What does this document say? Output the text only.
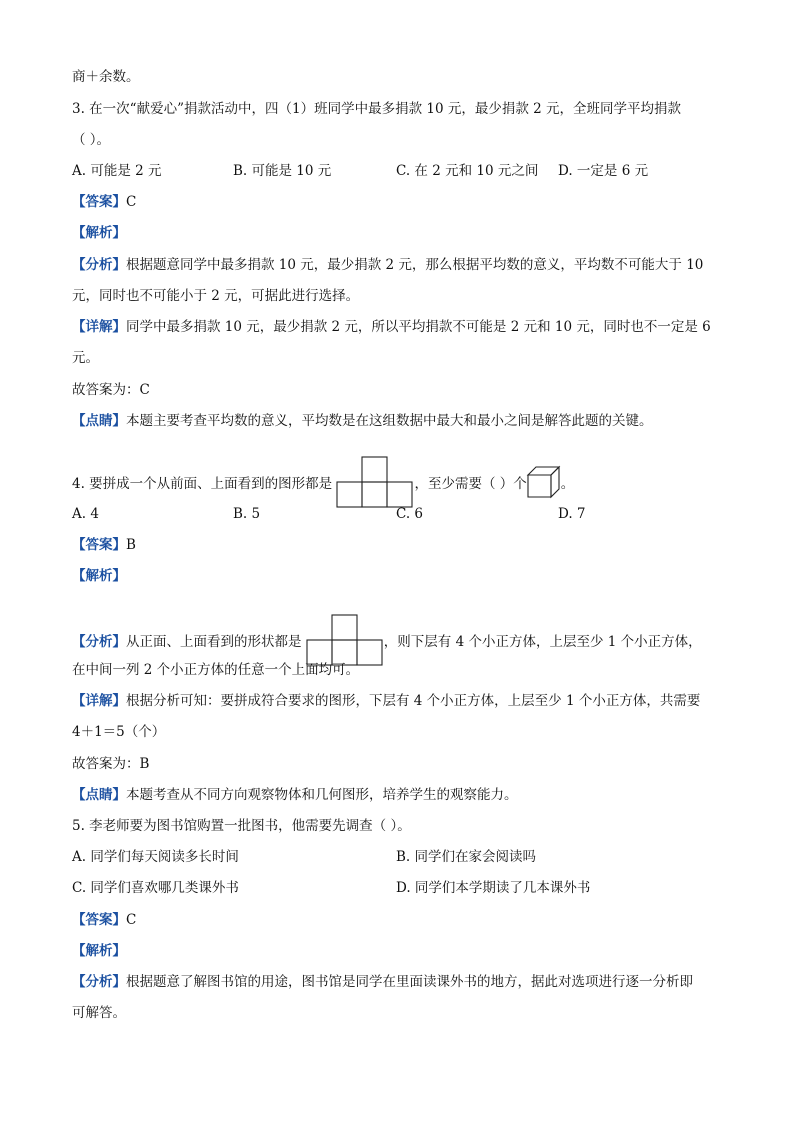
商＋余数。
3. 在一次“献爱心”捐款活动中，四（1）班同学中最多捐款 10 元，最少捐款 2 元，全班同学平均捐款
（ ）。
A. 可能是 2 元	B. 可能是 10 元	C. 在 2 元和 10 元之间 D. 一定是 6 元
【答案】C
【解析】
【分析】根据题意同学中最多捐款 10 元，最少捐款 2 元，那么根据平均数的意义，平均数不可能大于 10
元，同时也不可能小于 2 元，可据此进行选择。
【详解】同学中最多捐款 10 元，最少捐款 2 元，所以平均捐款不可能是 2 元和 10 元，同时也不一定是 6
元。
故答案为：C
【点睛】本题主要考查平均数的意义，平均数是在这组数据中最大和最小之间是解答此题的关键。
4. 要拼成一个从前面、上面看到的图形都是	，至少需要（ ）个	。
A. 4	B. 5	C. 6	D. 7
【答案】B
【解析】
【分析】从正面、上面看到的形状都是	，则下层有 4 个小正方体，上层至少 1 个小正方体，
在中间一列 2 个小正方体的任意一个上面均可。
【详解】根据分析可知：要拼成符合要求的图形，下层有 4 个小正方体，上层至少 1 个小正方体，共需要
4＋1＝5（个）
故答案为：B
【点睛】本题考查从不同方向观察物体和几何图形，培养学生的观察能力。
5. 李老师要为图书馆购置一批图书，他需要先调查（ ）。
A. 同学们每天阅读多长时间	B. 同学们在家会阅读吗
C. 同学们喜欢哪几类课外书	D. 同学们本学期读了几本课外书
【答案】C
【解析】
【分析】根据题意了解图书馆的用途，图书馆是同学在里面读课外书的地方，据此对选项进行逐一分析即
可解答。
